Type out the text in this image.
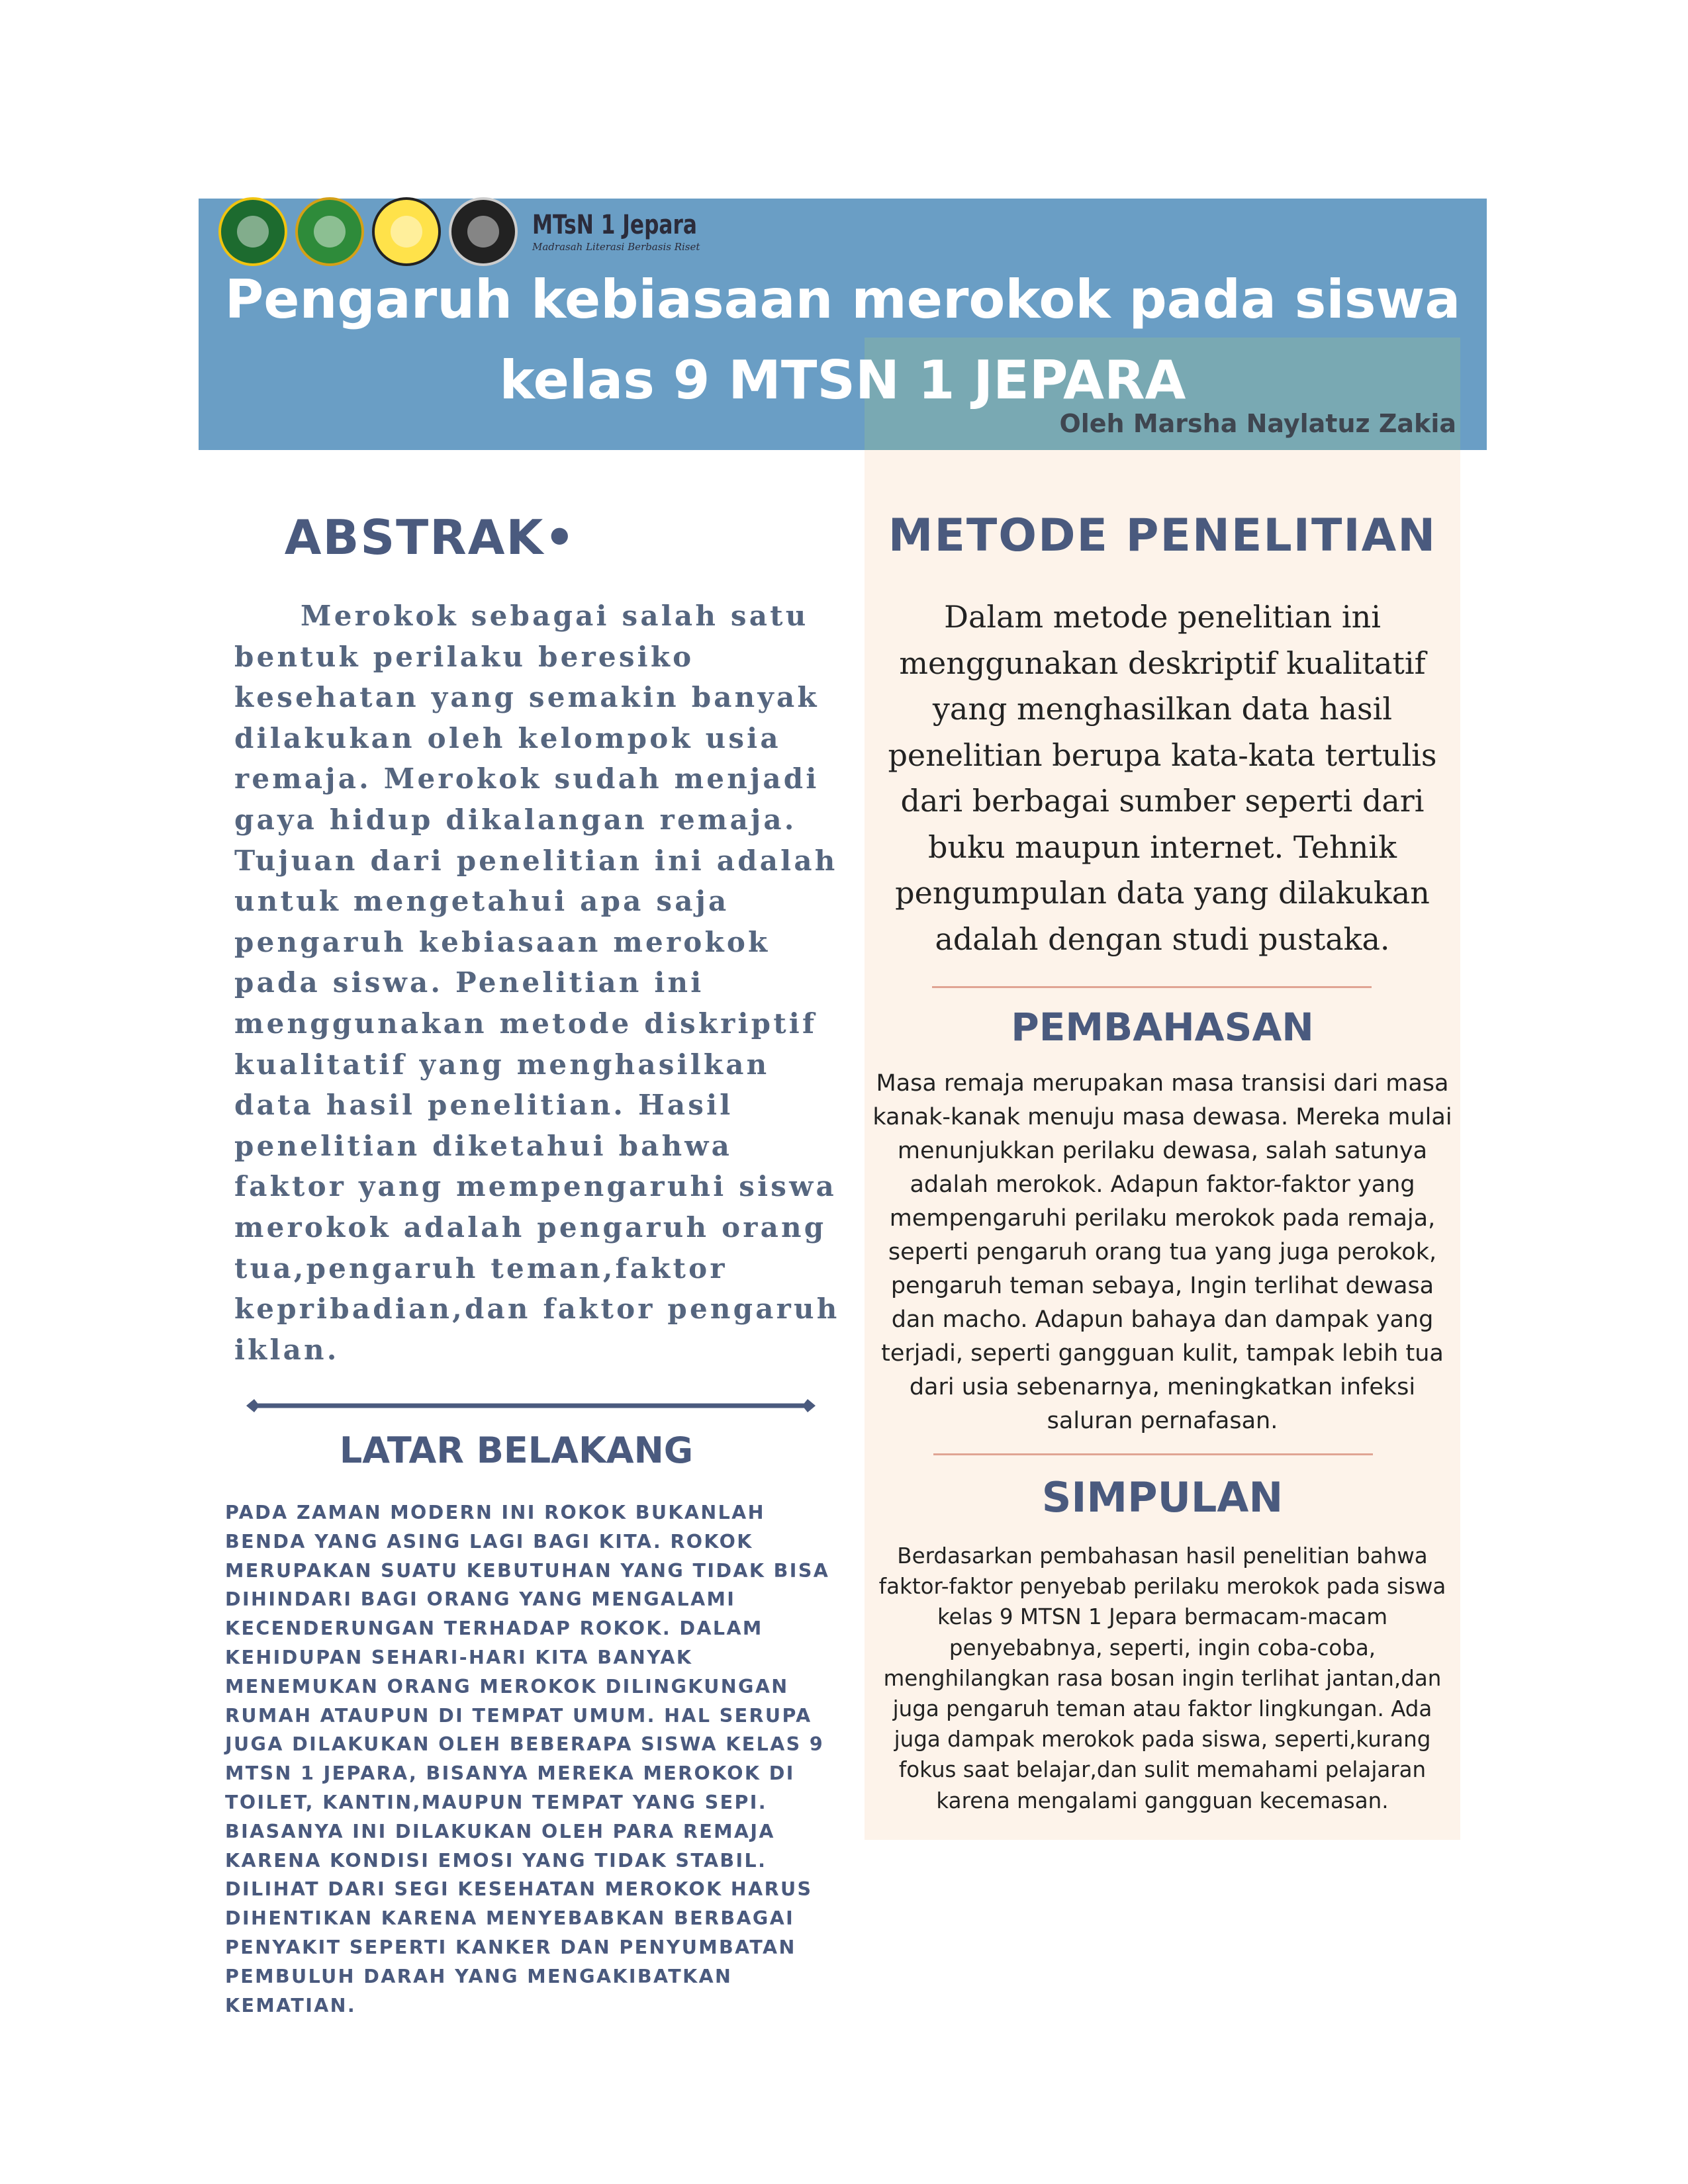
MTsN 1 Jepara
Madrasah Literasi Berbasis Riset
Pengaruh kebiasaan merokok pada siswa kelas 9 MTSN 1 JEPARA
Oleh Marsha Naylatuz Zakia
ABSTRAK•

Merokok sebagai salah satu bentuk perilaku beresiko kesehatan yang semakin banyak dilakukan oleh kelompok usia remaja. Merokok sudah menjadi gaya hidup dikalangan remaja. Tujuan dari penelitian ini adalah untuk mengetahui apa saja pengaruh kebiasaan merokok pada siswa. Penelitian ini menggunakan metode diskriptif kualitatif yang menghasilkan data hasil penelitian. Hasil penelitian diketahui bahwa faktor yang mempengaruhi siswa merokok adalah pengaruh orang tua,pengaruh teman,faktor kepribadian,dan faktor pengaruh iklan.

LATAR BELAKANG

PADA ZAMAN MODERN INI ROKOK BUKANLAH BENDA YANG ASING LAGI BAGI KITA. ROKOK MERUPAKAN SUATU KEBUTUHAN YANG TIDAK BISA DIHINDARI BAGI ORANG YANG MENGALAMI KECENDERUNGAN TERHADAP ROKOK. DALAM KEHIDUPAN SEHARI-HARI KITA BANYAK MENEMUKAN ORANG MEROKOK DILINGKUNGAN RUMAH ATAUPUN DI TEMPAT UMUM. HAL SERUPA JUGA DILAKUKAN OLEH BEBERAPA SISWA KELAS 9 MTSN 1 JEPARA, BISANYA MEREKA MEROKOK DI TOILET, KANTIN,MAUPUN TEMPAT YANG SEPI. BIASANYA INI DILAKUKAN OLEH PARA REMAJA KARENA KONDISI EMOSI YANG TIDAK STABIL. DILIHAT DARI SEGI KESEHATAN MEROKOK HARUS DIHENTIKAN KARENA MENYEBABKAN BERBAGAI PENYAKIT SEPERTI KANKER DAN PENYUMBATAN PEMBULUH DARAH YANG MENGAKIBATKAN KEMATIAN.

METODE PENELITIAN

Dalam metode penelitian ini menggunakan deskriptif kualitatif yang menghasilkan data hasil penelitian berupa kata-kata tertulis dari berbagai sumber seperti dari buku maupun internet. Tehnik pengumpulan data yang dilakukan adalah dengan studi pustaka.

PEMBAHASAN

Masa remaja merupakan masa transisi dari masa kanak-kanak menuju masa dewasa. Mereka mulai menunjukkan perilaku dewasa, salah satunya adalah merokok. Adapun faktor-faktor yang mempengaruhi perilaku merokok pada remaja, seperti pengaruh orang tua yang juga perokok, pengaruh teman sebaya, Ingin terlihat dewasa dan macho. Adapun bahaya dan dampak yang terjadi, seperti gangguan kulit, tampak lebih tua dari usia sebenarnya, meningkatkan infeksi saluran pernafasan.

SIMPULAN

Berdasarkan pembahasan hasil penelitian bahwa faktor-faktor penyebab perilaku merokok pada siswa kelas 9 MTSN 1 Jepara bermacam-macam penyebabnya, seperti, ingin coba-coba, menghilangkan rasa bosan ingin terlihat jantan,dan juga pengaruh teman atau faktor lingkungan. Ada juga dampak merokok pada siswa, seperti,kurang fokus saat belajar,dan sulit memahami pelajaran karena mengalami gangguan kecemasan.
